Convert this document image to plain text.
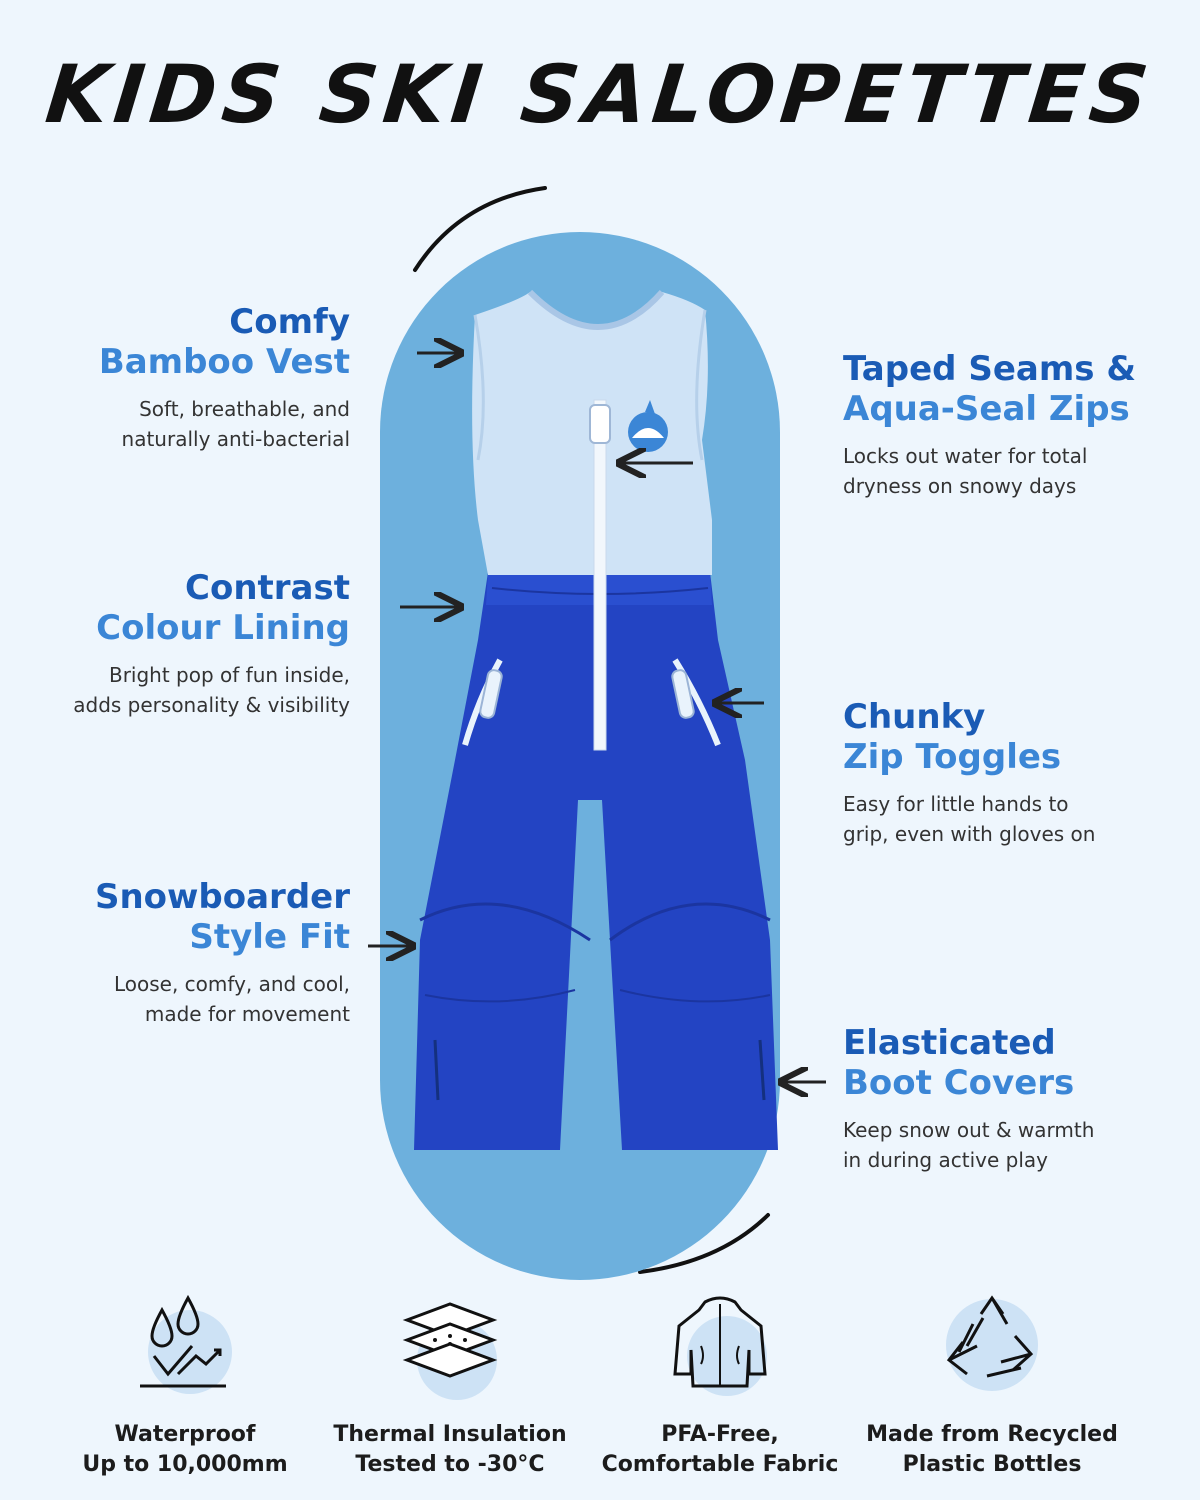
KIDS SKI SALOPETTES
Comfy
Bamboo Vest
Soft, breathable, and
naturally anti-bacterial
Contrast
Colour Lining
Bright pop of fun inside,
adds personality & visibility
Snowboarder
Style Fit
Loose, comfy, and cool,
made for movement
Taped Seams &
Aqua-Seal Zips
Locks out water for total
dryness on snowy days
Chunky
Zip Toggles
Easy for little hands to
grip, even with gloves on
Elasticated
Boot Covers
Keep snow out & warmth
in during active play
Waterproof
Up to 10,000mm
Thermal Insulation
Tested to -30°C
PFA-Free,
Comfortable Fabric
Made from Recycled
Plastic Bottles
